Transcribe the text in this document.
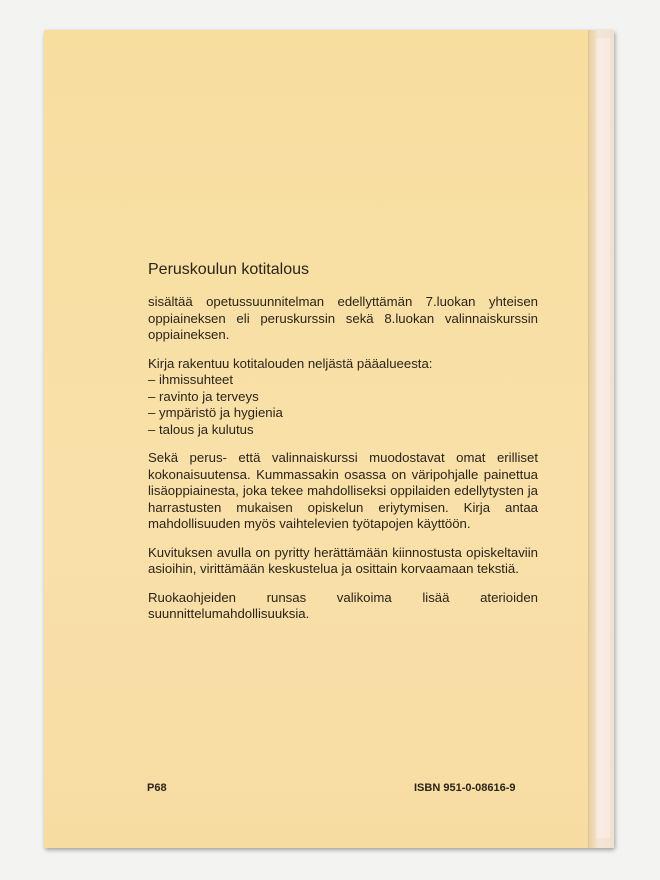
Peruskoulun kotitalous

sisältää opetussuunnitelman edellyttämän 7.luokan yhteisen oppiaineksen eli peruskurssin sekä 8.luokan valinnaiskurssin oppiaineksen.

Kirja rakentuu kotitalouden neljästä pääalueesta:

– ihmissuhteet
– ravinto ja terveys
– ympäristö ja hygienia
– talous ja kulutus

Sekä perus- että valinnaiskurssi muodostavat omat erilliset kokonaisuutensa. Kummassakin osassa on väripohjalle painettua lisäoppiainesta, joka tekee mahdolliseksi oppilaiden edellytysten ja harrastusten mukaisen opiskelun eriytymisen. Kirja antaa mahdollisuuden myös vaihtelevien työtapojen käyttöön.

Kuvituksen avulla on pyritty herättämään kiinnostusta opiskeltaviin asioihin, virittämään keskustelua ja osittain korvaamaan tekstiä.

Ruokaohjeiden runsas valikoima lisää aterioiden suunnittelumahdollisuuksia.

P68	ISBN 951-0-08616-9
